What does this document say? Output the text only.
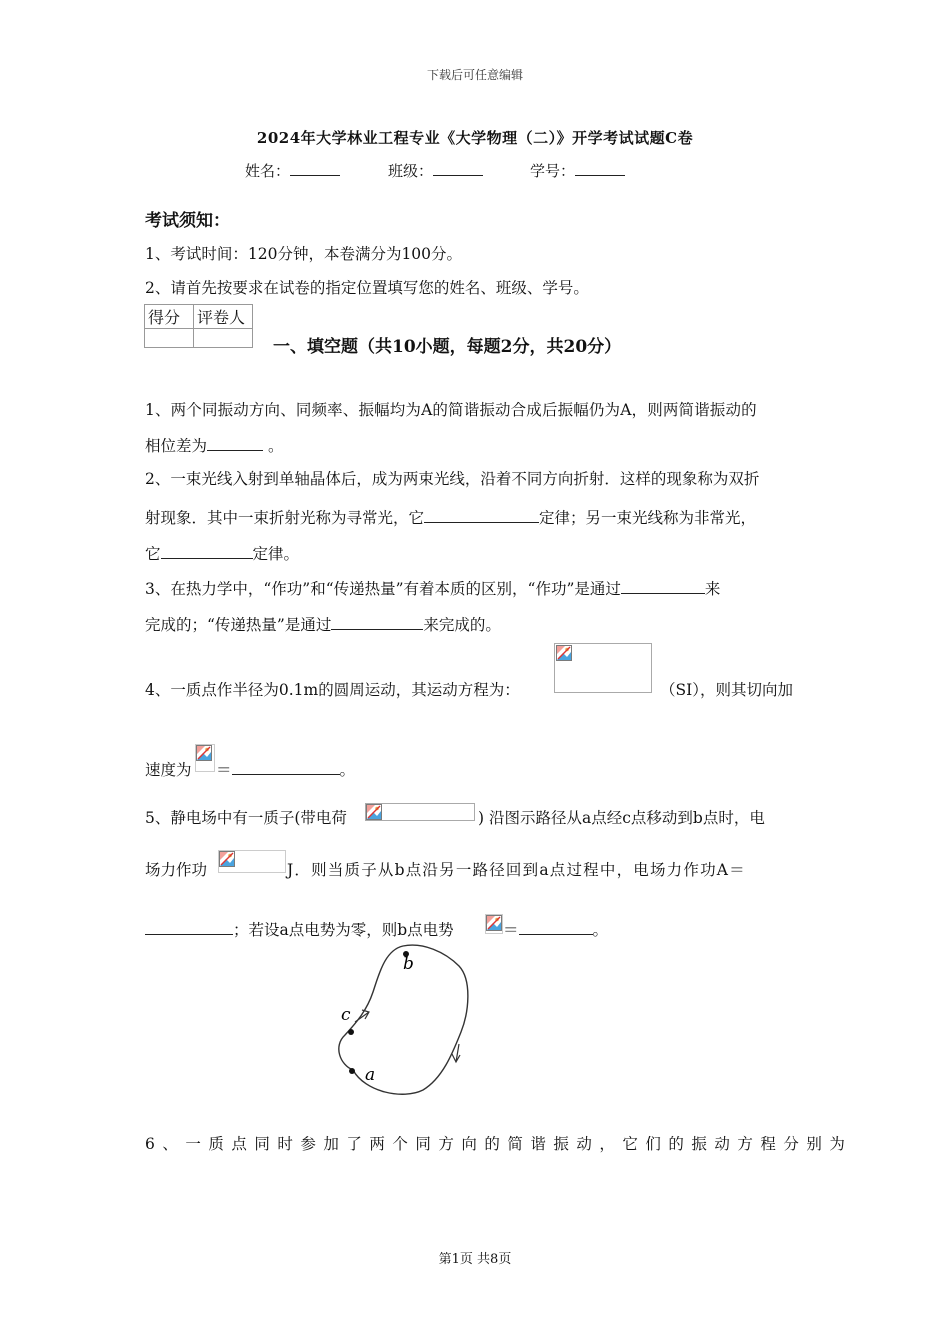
下载后可任意编辑
2024年大学林业工程专业《大学物理（二）》开学考试试题C卷
姓名：	班级：	学号：
考试须知：
1、考试时间：120分钟，本卷满分为100分。
2、请首先按要求在试卷的指定位置填写您的姓名、班级、学号。
得分	评卷人

一、填空题（共10小题，每题2分，共20分）
1、两个同振动方向、同频率、振幅均为A的简谐振动合成后振幅仍为A，则两简谐振动的
相位差为	。
2、一束光线入射到单轴晶体后，成为两束光线，沿着不同方向折射．这样的现象称为双折
射现象．其中一束折射光称为寻常光，它	定律；另一束光线称为非常光，
它	定律。
3、在热力学中，“作功”和“传递热量”有着本质的区别，“作功”是通过	来
完成的；“传递热量”是通过	来完成的。
4、一质点作半径为0.1m的圆周运动，其运动方程为：	（SI），则其切向加
速度为 ＝	。
5、静电场中有一质子(带电荷	) 沿图示路径从a点经c点移动到b点时，电
场力作功	J．则当质子从b点沿另一路径回到a点过程中，电场力作功A＝
；若设a点电势为零，则b点电势	＝	。
b
c
a
6、一质点同时参加了两个同方向的简谐振动，它们的振动方程分别为
第1页 共8页
